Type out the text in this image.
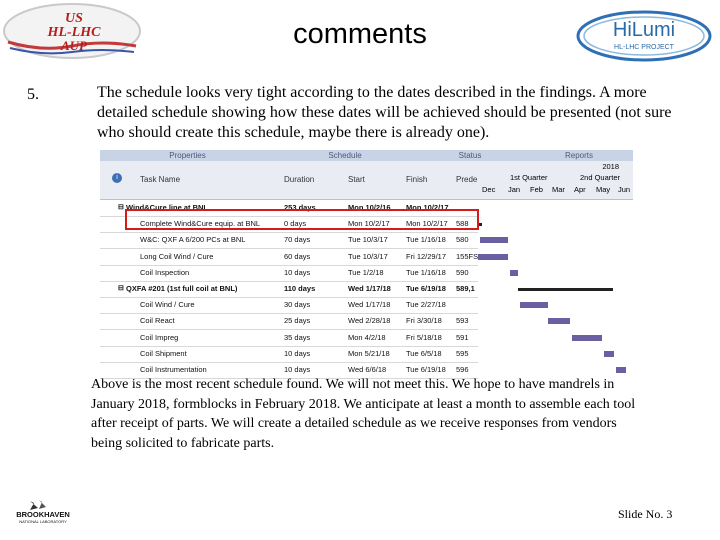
US
HL-LHC
AUP	comments	HiLumi
HL-LHC PROJECT
5.	The schedule looks very tight according to the dates described in the findings. A more detailed schedule showing how these dates will be achieved should be presented (not sure who should create this schedule, maybe there is already one).
Properties	Schedule	Status	Reports
i	Task Name	Duration	Start	Finish	Prede
2018
1st Quarter	2nd Quarter
Dec Jan Feb Mar Apr May Jun
⊟ Wind&Cure line at BNL	253 days	Mon 10/2/16	Mon 10/2/17
Complete Wind&Cure equip. at BNL	0 days	Mon 10/2/17	Mon 10/2/17	588
W&C: QXF A 6/200 PCs at BNL	70 days	Tue 10/3/17	Tue 1/16/18	580
Long Coil Wind / Cure	60 days	Tue 10/3/17	Fri 12/29/17	155FS
Coil Inspection	10 days	Tue 1/2/18	Tue 1/16/18	590
⊟ QXFA #201 (1st full coil at BNL)	110 days	Wed 1/17/18	Tue 6/19/18	589,1
Coil Wind / Cure	30 days	Wed 1/17/18	Tue 2/27/18
Coil React	25 days	Wed 2/28/18	Fri 3/30/18	593
Coil Impreg	35 days	Mon 4/2/18	Fri 5/18/18	591
Coil Shipment	10 days	Mon 5/21/18	Tue 6/5/18	595
Coil Instrumentation	10 days	Wed 6/6/18	Tue 6/19/18	596
Above is the most recent schedule found. We will not meet this. We hope to have mandrels in January 2018, formblocks in February 2018. We anticipate at least a month to assemble each tool after receipt of parts. We will create a detailed schedule as we receive responses from vendors being solicited to fabricate parts.
BROOKHAVEN
NATIONAL LABORATORY
Slide No. 3
